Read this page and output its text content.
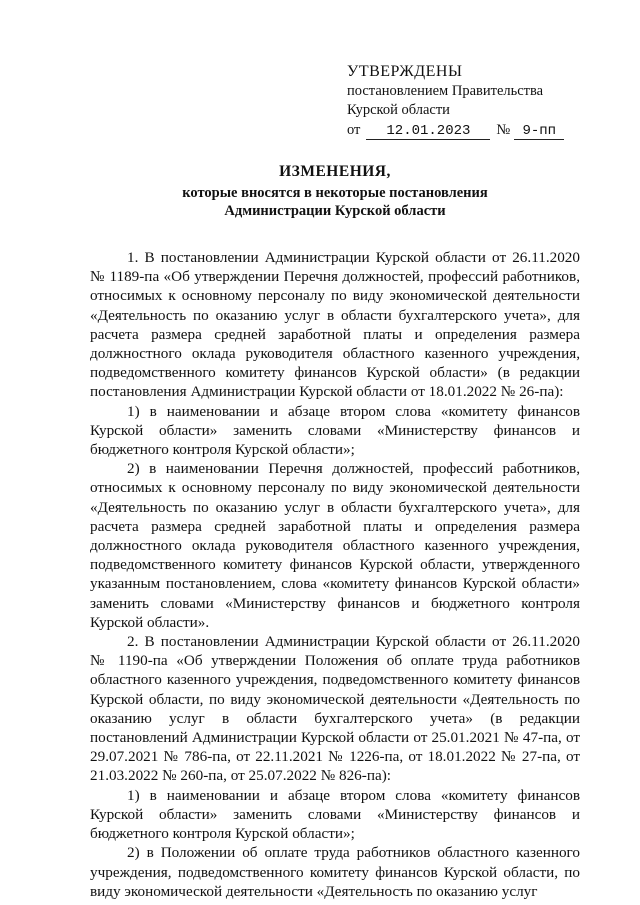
УТВЕРЖДЕНЫ
постановлением Правительства
Курской области
от	12.01.2023	№ 9-пп
ИЗМЕНЕНИЯ,
которые вносятся в некоторые постановления
Администрации Курской области

1. В постановлении Администрации Курской области от 26.11.2020 № 1189-па «Об утверждении Перечня должностей, профессий работников, относимых к основному персоналу по виду экономической деятельности «Деятельность по оказанию услуг в области бухгалтерского учета», для расчета размера средней заработной платы и определения размера должностного оклада руководителя областного казенного учреждения, подведомственного комитету финансов Курской области» (в редакции постановления Администрации Курской области от 18.01.2022 № 26-па):

1) в наименовании и абзаце втором слова «комитету финансов Курской области» заменить словами «Министерству финансов и бюджетного контроля Курской области»;

2) в наименовании Перечня должностей, профессий работников, относимых к основному персоналу по виду экономической деятельности «Деятельность по оказанию услуг в области бухгалтерского учета», для расчета размера средней заработной платы и определения размера должностного оклада руководителя областного казенного учреждения, подведомственного комитету финансов Курской области, утвержденного указанным постановлением, слова «комитету финансов Курской области» заменить словами «Министерству финансов и бюджетного контроля Курской области».

2. В постановлении Администрации Курской области от 26.11.2020 № 1190-па «Об утверждении Положения об оплате труда работников областного казенного учреждения, подведомственного комитету финансов Курской области, по виду экономической деятельности «Деятельность по оказанию услуг в области бухгалтерского учета» (в редакции постановлений Администрации Курской области от 25.01.2021 № 47-па, от 29.07.2021 № 786-па, от 22.11.2021 № 1226-па, от 18.01.2022 № 27-па, от 21.03.2022 № 260-па, от 25.07.2022 № 826-па):

1) в наименовании и абзаце втором слова «комитету финансов Курской области» заменить словами «Министерству финансов и бюджетного контроля Курской области»;

2) в Положении об оплате труда работников областного казенного учреждения, подведомственного комитету финансов Курской области, по виду экономической деятельности «Деятельность по оказанию услуг
